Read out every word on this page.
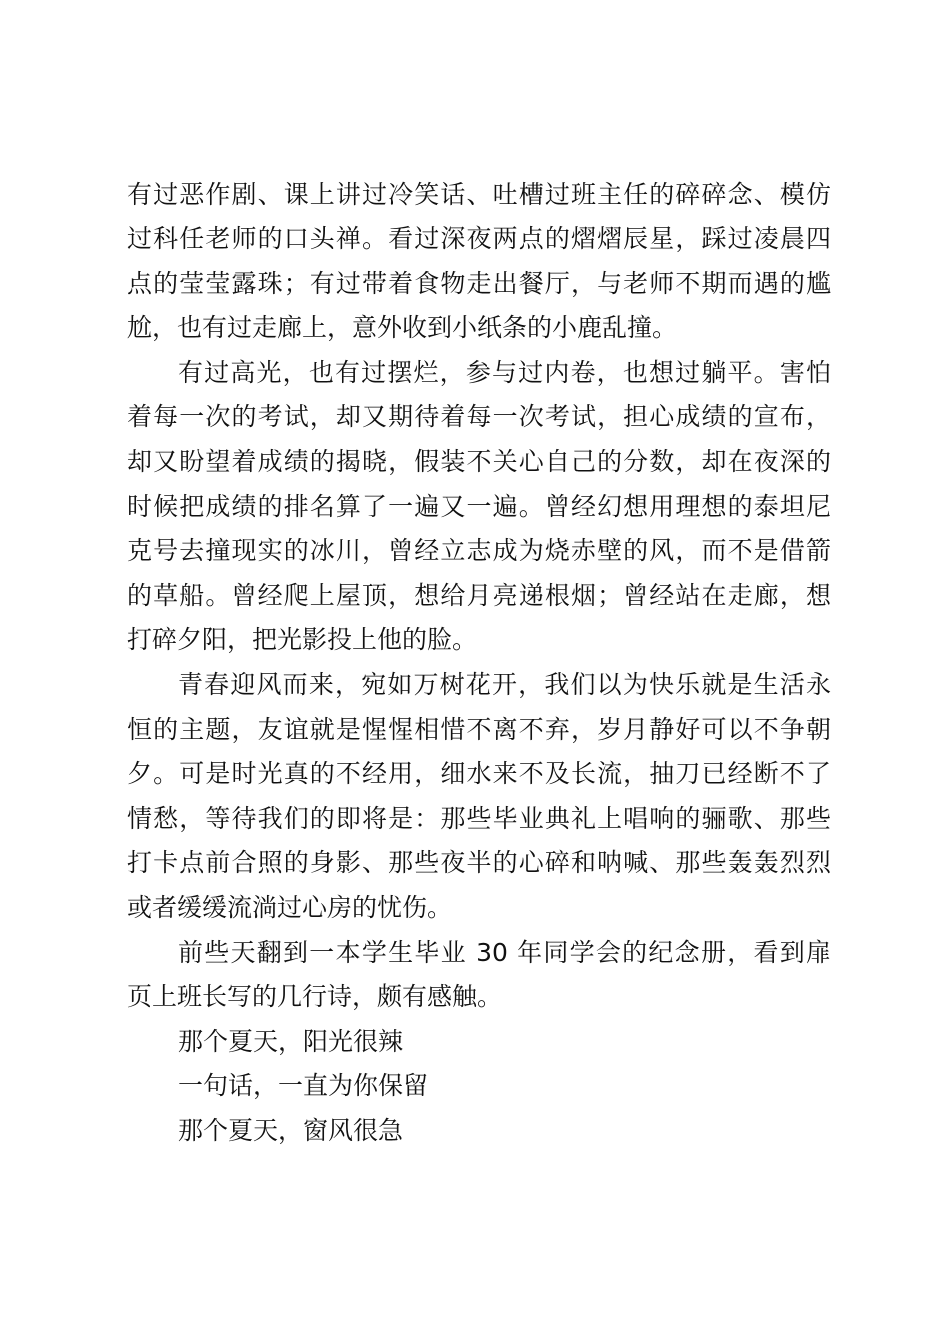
有过恶作剧、课上讲过冷笑话、吐槽过班主任的碎碎念、模仿
过科任老师的口头禅。看过深夜两点的熠熠辰星，踩过凌晨四
点的莹莹露珠；有过带着食物走出餐厅，与老师不期而遇的尴
尬，也有过走廊上，意外收到小纸条的小鹿乱撞。
有过高光，也有过摆烂，参与过内卷，也想过躺平。害怕
着每一次的考试，却又期待着每一次考试，担心成绩的宣布，
却又盼望着成绩的揭晓，假装不关心自己的分数，却在夜深的
时候把成绩的排名算了一遍又一遍。曾经幻想用理想的泰坦尼
克号去撞现实的冰川，曾经立志成为烧赤壁的风，而不是借箭
的草船。曾经爬上屋顶，想给月亮递根烟；曾经站在走廊，想
打碎夕阳，把光影投上他的脸。
青春迎风而来，宛如万树花开，我们以为快乐就是生活永
恒的主题，友谊就是惺惺相惜不离不弃，岁月静好可以不争朝
夕。可是时光真的不经用，细水来不及长流，抽刀已经断不了
情愁，等待我们的即将是：那些毕业典礼上唱响的骊歌、那些
打卡点前合照的身影、那些夜半的心碎和呐喊、那些轰轰烈烈
或者缓缓流淌过心房的忧伤。
前些天翻到一本学生毕业 30 年同学会的纪念册，看到扉
页上班长写的几行诗，颇有感触。
那个夏天，阳光很辣
一句话，一直为你保留
那个夏天，窗风很急
